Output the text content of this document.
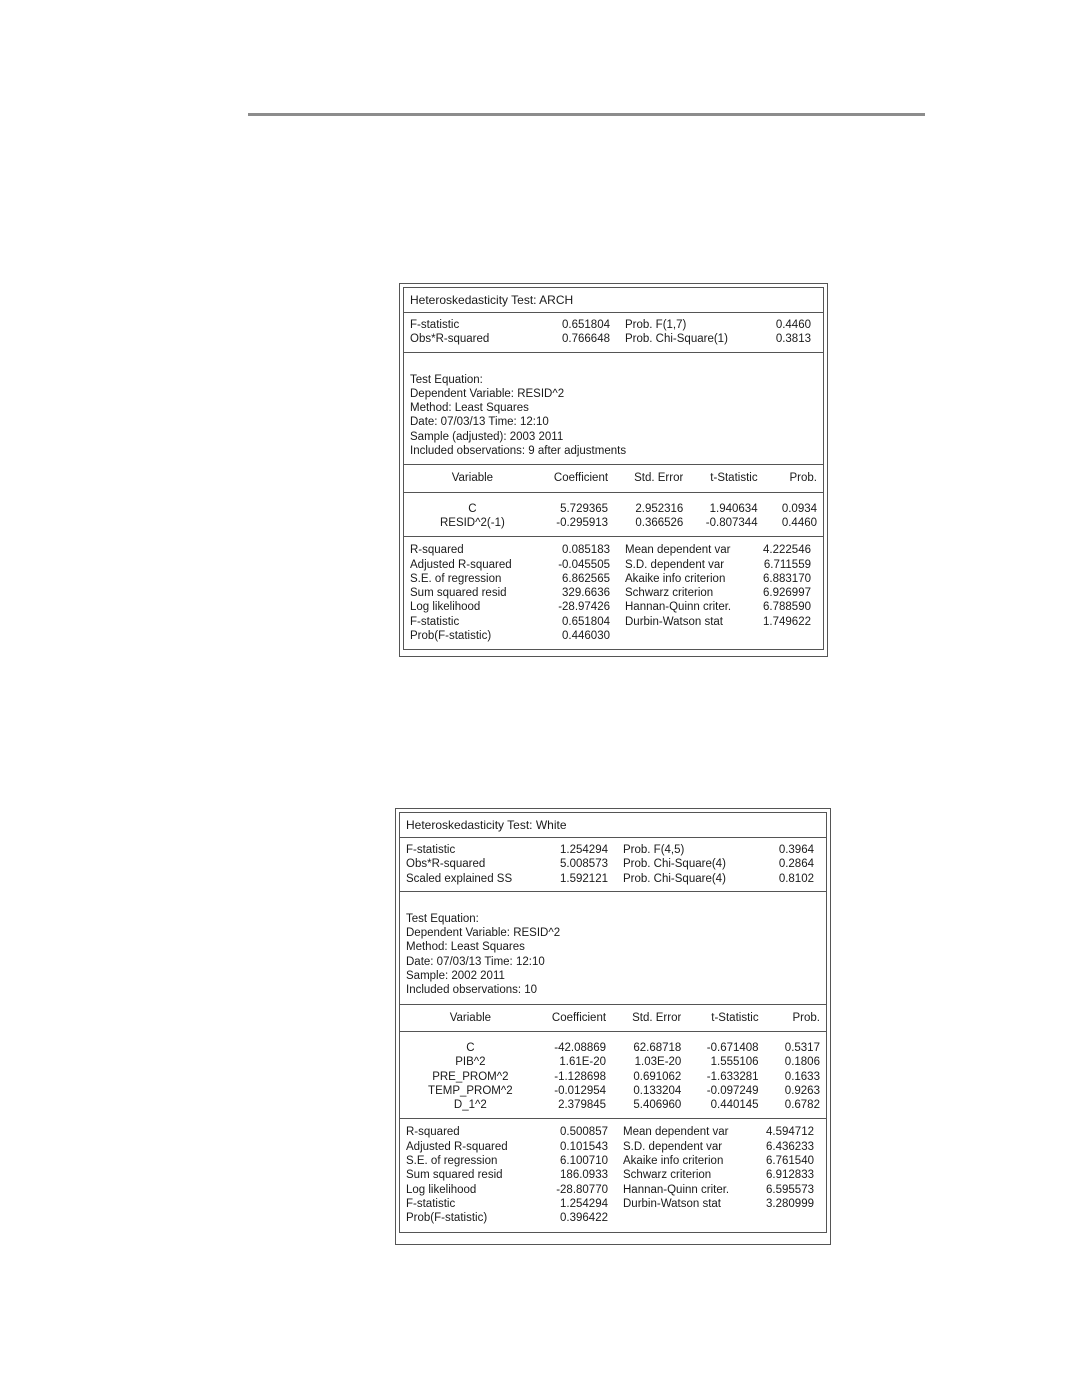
Heteroskedasticity Test: ARCH
F-statistic	0.651804	Prob. F(1,7)	0.4460
Obs*R-squared	0.766648	Prob. Chi-Square(1)	0.3813
Test Equation:
Dependent Variable: RESID^2
Method: Least Squares
Date: 07/03/13 Time: 12:10
Sample (adjusted): 2003 2011
Included observations: 9 after adjustments
Variable	Coefficient	Std. Error	t-Statistic	Prob.
C	5.729365	2.952316	1.940634	0.0934
RESID^2(-1)	-0.295913	0.366526	-0.807344	0.4460
R-squared	0.085183	Mean dependent var	4.222546
Adjusted R-squared	-0.045505	S.D. dependent var	6.711559
S.E. of regression	6.862565	Akaike info criterion	6.883170
Sum squared resid	329.6636	Schwarz criterion	6.926997
Log likelihood	-28.97426	Hannan-Quinn criter.	6.788590
F-statistic	0.651804	Durbin-Watson stat	1.749622
Prob(F-statistic)	0.446030
Heteroskedasticity Test: White
F-statistic	1.254294	Prob. F(4,5)	0.3964
Obs*R-squared	5.008573	Prob. Chi-Square(4)	0.2864
Scaled explained SS	1.592121	Prob. Chi-Square(4)	0.8102
Test Equation:
Dependent Variable: RESID^2
Method: Least Squares
Date: 07/03/13 Time: 12:10
Sample: 2002 2011
Included observations: 10
Variable	Coefficient	Std. Error	t-Statistic	Prob.
C	-42.08869	62.68718	-0.671408	0.5317
PIB^2	1.61E-20	1.03E-20	1.555106	0.1806
PRE_PROM^2	-1.128698	0.691062	-1.633281	0.1633
TEMP_PROM^2	-0.012954	0.133204	-0.097249	0.9263
D_1^2	2.379845	5.406960	0.440145	0.6782
R-squared	0.500857	Mean dependent var	4.594712
Adjusted R-squared	0.101543	S.D. dependent var	6.436233
S.E. of regression	6.100710	Akaike info criterion	6.761540
Sum squared resid	186.0933	Schwarz criterion	6.912833
Log likelihood	-28.80770	Hannan-Quinn criter.	6.595573
F-statistic	1.254294	Durbin-Watson stat	3.280999
Prob(F-statistic)	0.396422
